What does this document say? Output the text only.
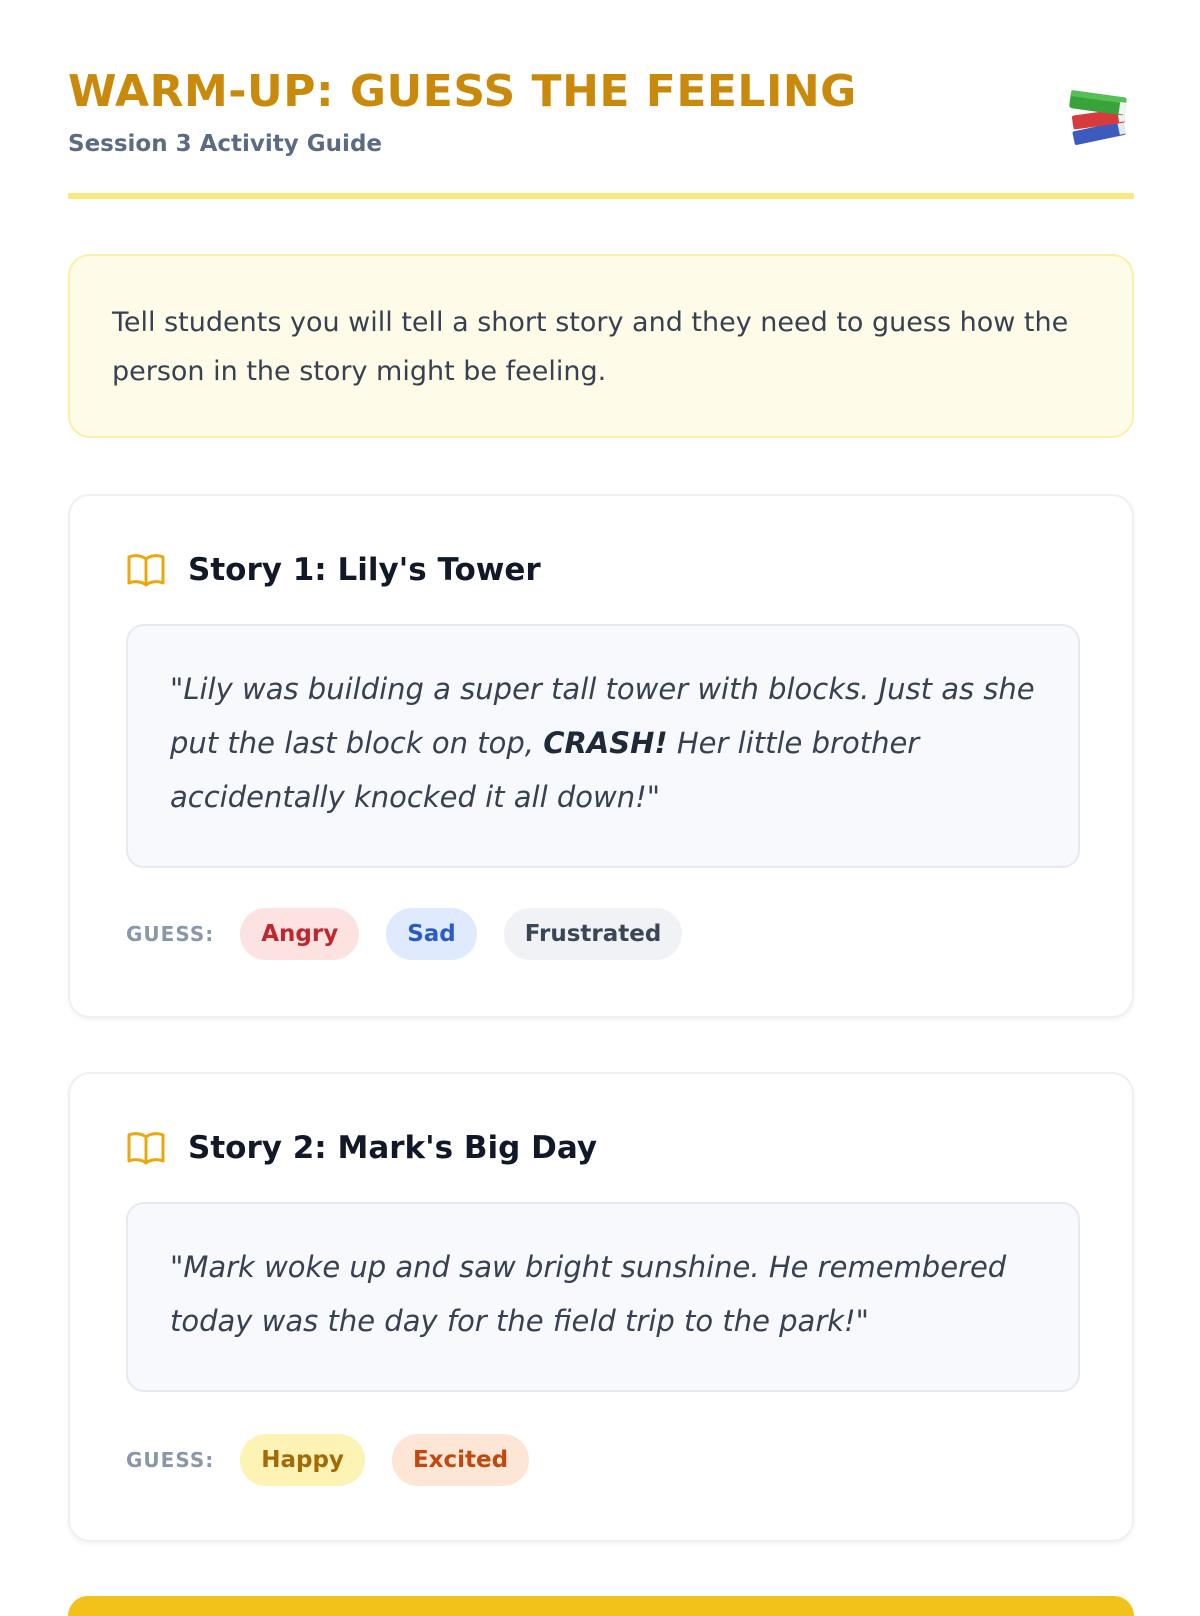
WARM-UP: GUESS THE FEELING
Session 3 Activity Guide
Tell students you will tell a short story and they need to guess how the person in the story might be feeling.
Story 1: Lily's Tower
"Lily was building a super tall tower with blocks. Just as she put the last block on top, CRASH! Her little brother accidentally knocked it all down!"
GUESS:	Angry	Sad	Frustrated
Story 2: Mark's Big Day
"Mark woke up and saw bright sunshine. He remembered today was the day for the field trip to the park!"
GUESS:	Happy	Excited
